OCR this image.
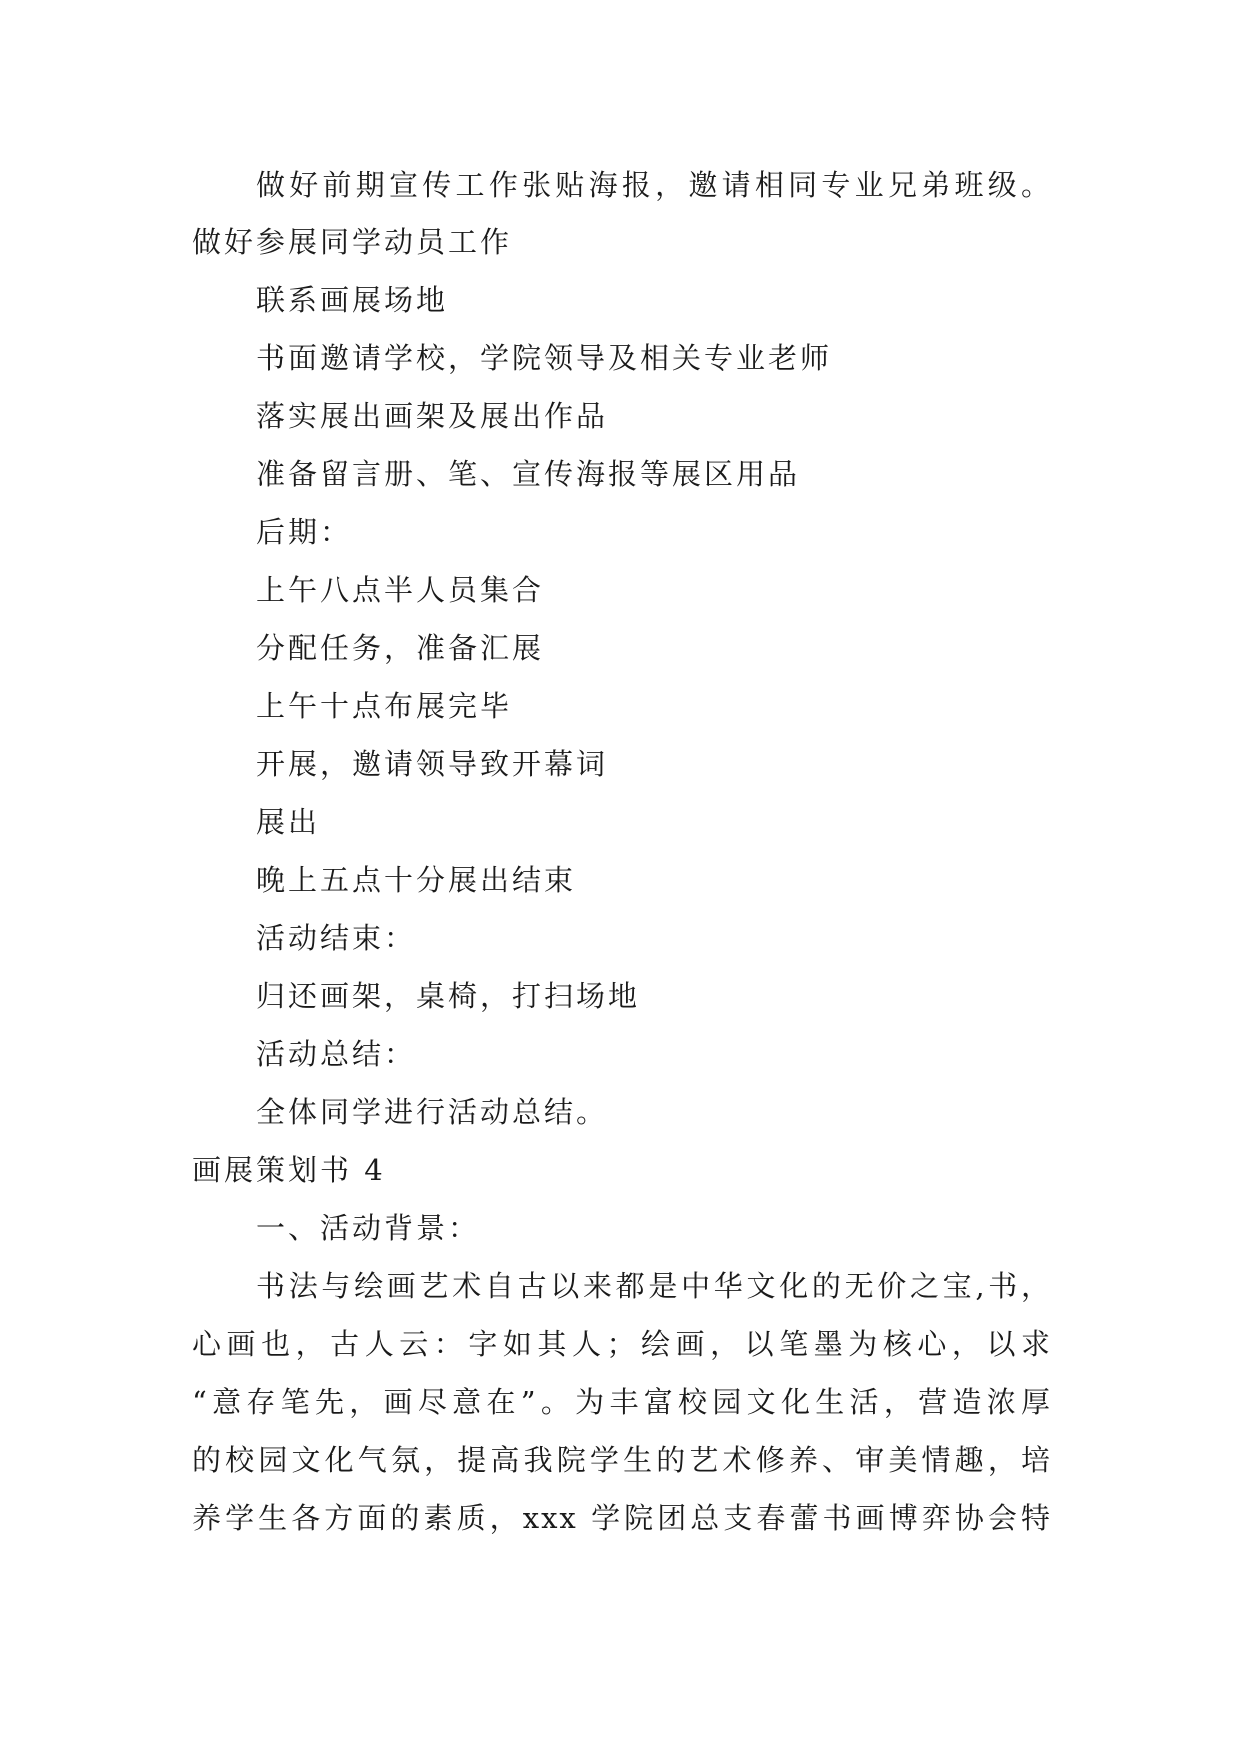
做好前期宣传工作张贴海报，邀请相同专业兄弟班级。
做好参展同学动员工作
联系画展场地
书面邀请学校，学院领导及相关专业老师
落实展出画架及展出作品
准备留言册、笔、宣传海报等展区用品
后期：
上午八点半人员集合
分配任务，准备汇展
上午十点布展完毕
开展，邀请领导致开幕词
展出
晚上五点十分展出结束
活动结束：
归还画架，桌椅，打扫场地
活动总结：
全体同学进行活动总结。
画展策划书 4
一、活动背景：
书法与绘画艺术自古以来都是中华文化的无价之宝,书，
心画也，古人云：字如其人；绘画，以笔墨为核心，以求
“意存笔先，画尽意在”。为丰富校园文化生活，营造浓厚
的校园文化气氛，提高我院学生的艺术修养、审美情趣，培
养学生各方面的素质，xxx 学院团总支春蕾书画博弈协会特
